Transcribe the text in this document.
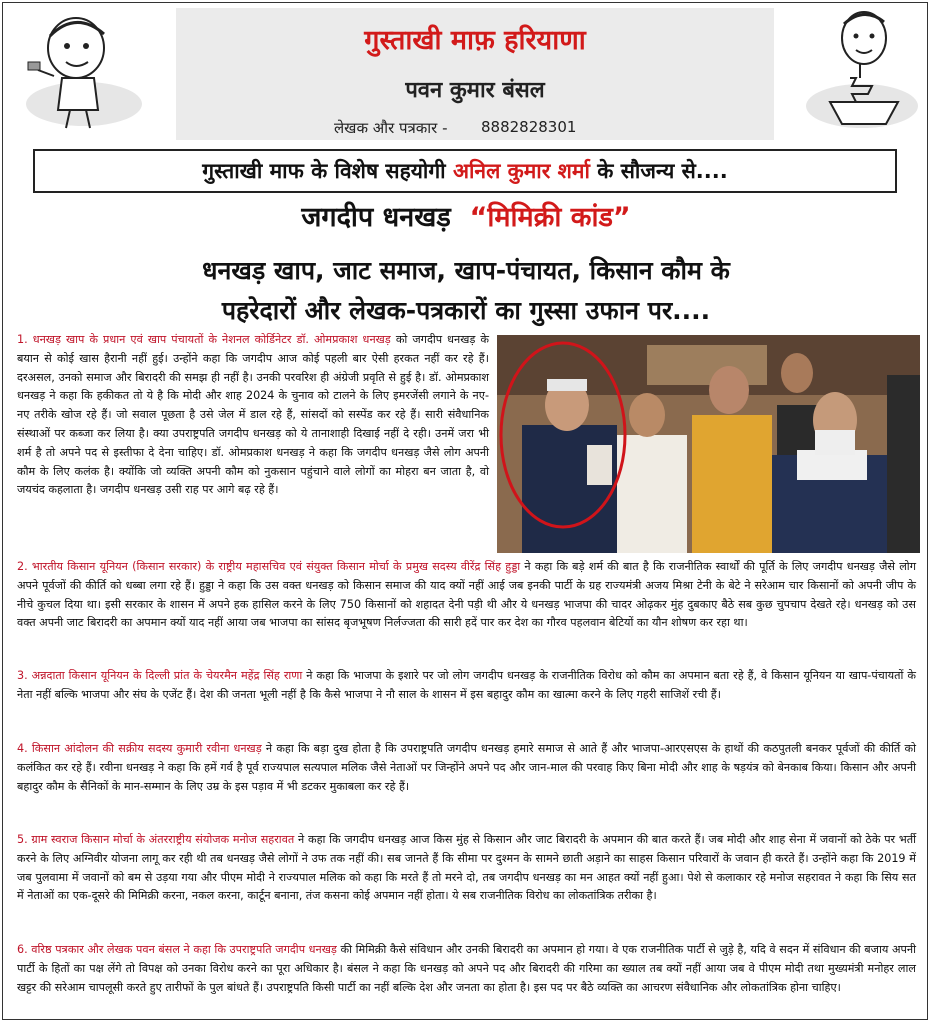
गुस्ताखी माफ़ हरियाणा
पवन कुमार बंसल
लेखक और पत्रकार - 8882828301
गुस्ताखी माफ के विशेष सहयोगी अनिल कुमार शर्मा के सौजन्य से....
जगदीप धनखड़ “मिमिक्री कांड”
धनखड़ खाप, जाट समाज, खाप-पंचायत, किसान कौम के
पहरेदारों और लेखक-पत्रकारों का गुस्सा उफान पर....
1. धनखड़ खाप के प्रधान एवं खाप पंचायतों के नेशनल कोर्डिनेटर डॉ. ओमप्रकाश धनखड़ को जगदीप धनखड़ के बयान से कोई खास हैरानी नहीं हुई। उन्होंने कहा कि जगदीप आज कोई पहली बार ऐसी हरकत नहीं कर रहे हैं। दरअसल, उनको समाज और बिरादरी की समझ ही नहीं है। उनकी परवरिश ही अंग्रेजी प्रवृति से हुई है। डॉ. ओमप्रकाश धनखड़ ने कहा कि हकीकत तो ये है कि मोदी और शाह 2024 के चुनाव को टालने के लिए इमरजेंसी लगाने के नए-नए तरीके खोज रहे हैं। जो सवाल पूछता है उसे जेल में डाल रहे हैं, सांसदों को सस्पेंड कर रहे हैं। सारी संवैधानिक संस्थाओं पर कब्जा कर लिया है। क्या उपराष्ट्रपति जगदीप धनखड़ को ये तानाशाही दिखाई नहीं दे रही। उनमें जरा भी शर्म है तो अपने पद से इस्तीफा दे देना चाहिए। डॉ. ओमप्रकाश धनखड़ ने कहा कि जगदीप धनखड़ जैसे लोग अपनी कौम के लिए कलंक है। क्योंकि जो व्यक्ति अपनी कौम को नुकसान पहुंचाने वाले लोगों का मोहरा बन जाता है, वो जयचंद कहलाता है। जगदीप धनखड़ उसी राह पर आगे बढ़ रहे हैं।
2. भारतीय किसान यूनियन (किसान सरकार) के राष्ट्रीय महासचिव एवं संयुक्त किसान मोर्चा के प्रमुख सदस्य वीरेंद्र सिंह हुड्डा ने कहा कि बड़े शर्म की बात है कि राजनीतिक स्वार्थों की पूर्ति के लिए जगदीप धनखड़ जैसे लोग अपने पूर्वजों की कीर्ति को धब्बा लगा रहे हैं। हुड्डा ने कहा कि उस वक्त धनखड़ को किसान समाज की याद क्यों नहीं आई जब इनकी पार्टी के ग्रह राज्यमंत्री अजय मिश्रा टेनी के बेटे ने सरेआम चार किसानों को अपनी जीप के नीचे कुचल दिया था। इसी सरकार के शासन में अपने हक हासिल करने के लिए 750 किसानों को शहादत देनी पड़ी थी और ये धनखड़ भाजपा की चादर ओढ़कर मुंह दुबकाए बैठे सब कुछ चुपचाप देखते रहे। धनखड़ को उस वक्त अपनी जाट बिरादरी का अपमान क्यों याद नहीं आया जब भाजपा का सांसद बृजभूषण निर्लज्जता की सारी हदें पार कर देश का गौरव पहलवान बेटियों का यौन शोषण कर रहा था।
3. अन्नदाता किसान यूनियन के दिल्ली प्रांत के चेयरमैन महेंद्र सिंह राणा ने कहा कि भाजपा के इशारे पर जो लोग जगदीप धनखड़ के राजनीतिक विरोध को कौम का अपमान बता रहे हैं, वे किसान यूनियन या खाप-पंचायतों के नेता नहीं बल्कि भाजपा और संघ के एजेंट हैं। देश की जनता भूली नहीं है कि कैसे भाजपा ने नौ साल के शासन में इस बहादुर कौम का खात्मा करने के लिए गहरी साजिशें रची हैं।
4. किसान आंदोलन की सक्रीय सदस्य कुमारी रवीना धनखड़ ने कहा कि बड़ा दुख होता है कि उपराष्ट्रपति जगदीप धनखड़ हमारे समाज से आते हैं और भाजपा-आरएसएस के हाथों की कठपुतली बनकर पूर्वजों की कीर्ति को कलंकित कर रहे हैं। रवीना धनखड़ ने कहा कि हमें गर्व है पूर्व राज्यपाल सत्यपाल मलिक जैसे नेताओं पर जिन्होंने अपने पद और जान-माल की परवाह किए बिना मोदी और शाह के षड़यंत्र को बेनकाब किया। किसान और अपनी बहादुर कौम के सैनिकों के मान-सम्मान के लिए उम्र के इस पड़ाव में भी डटकर मुकाबला कर रहे हैं।
5. ग्राम स्वराज किसान मोर्चा के अंतरराष्ट्रीय संयोजक मनोज सहरावत ने कहा कि जगदीप धनखड़ आज किस मुंह से किसान और जाट बिरादरी के अपमान की बात करते हैं। जब मोदी और शाह सेना में जवानों को ठेके पर भर्ती करने के लिए अग्निवीर योजना लागू कर रही थी तब धनखड़ जैसे लोगों ने उफ तक नहीं की। सब जानते हैं कि सीमा पर दुश्मन के सामने छाती अड़ाने का साहस किसान परिवारों के जवान ही करते हैं। उन्होंने कहा कि 2019 में जब पुलवामा में जवानों को बम से उड़या गया और पीएम मोदी ने राज्यपाल मलिक को कहा कि मरते हैं तो मरने दो, तब जगदीप धनखड़ का मन आहत क्यों नहीं हुआ। पेशे से कलाकार रहे मनोज सहरावत ने कहा कि सिय सत में नेताओं का एक-दूसरे की मिमिक्री करना, नकल करना, कार्टून बनाना, तंज कसना कोई अपमान नहीं होता। ये सब राजनीतिक विरोध का लोकतांत्रिक तरीका है।
6. वरिष्ठ पत्रकार और लेखक पवन बंसल ने कहा कि उपराष्ट्रपति जगदीप धनखड़ की मिमिक्री कैसे संविधान और उनकी बिरादरी का अपमान हो गया। वे एक राजनीतिक पार्टी से जुड़े है, यदि वे सदन में संविधान की बजाय अपनी पार्टी के हितों का पक्ष लेंगे तो विपक्ष को उनका विरोध करने का पूरा अधिकार है। बंसल ने कहा कि धनखड़ को अपने पद और बिरादरी की गरिमा का ख्याल तब क्यों नहीं आया जब वे पीएम मोदी तथा मुख्यमंत्री मनोहर लाल खट्टर की सरेआम चापलूसी करते हुए तारीफों के पुल बांधते हैं। उपराष्ट्रपति किसी पार्टी का नहीं बल्कि देश और जनता का होता है। इस पद पर बैठे व्यक्ति का आचरण संवैधानिक और लोकतांत्रिक होना चाहिए।
